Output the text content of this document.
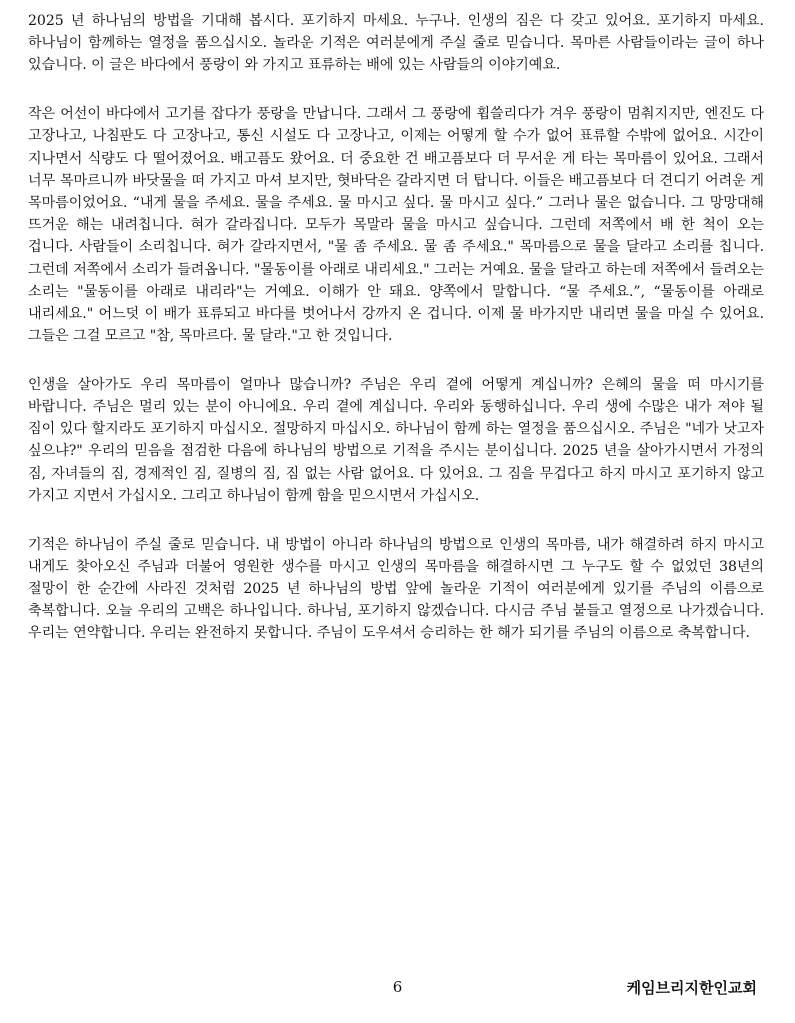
2025 년 하나님의 방법을 기대해 봅시다. 포기하지 마세요. 누구나. 인생의 짐은 다 갖고 있어요. 포기하지 마세요. 하나님이 함께하는 열정을 품으십시오. 놀라운 기적은 여러분에게 주실 줄로 믿습니다. 목마른 사람들이라는 글이 하나 있습니다. 이 글은 바다에서 풍랑이 와 가지고 표류하는 배에 있는 사람들의 이야기예요.

작은 어선이 바다에서 고기를 잡다가 풍랑을 만납니다. 그래서 그 풍랑에 휩쓸리다가 겨우 풍랑이 멈춰지지만, 엔진도 다 고장나고, 나침판도 다 고장나고, 통신 시설도 다 고장나고, 이제는 어떻게 할 수가 없어 표류할 수밖에 없어요. 시간이 지나면서 식량도 다 떨어졌어요. 배고픔도 왔어요. 더 중요한 건 배고픔보다 더 무서운 게 타는 목마름이 있어요. 그래서 너무 목마르니까 바닷물을 떠 가지고 마셔 보지만, 혓바닥은 갈라지면 더 탑니다. 이들은 배고픔보다 더 견디기 어려운 게 목마름이었어요. “내게 물을 주세요. 물을 주세요. 물 마시고 싶다. 물 마시고 싶다.” 그러나 물은 없습니다. 그 망망대해 뜨거운 해는 내려칩니다. 혀가 갈라집니다. 모두가 목말라 물을 마시고 싶습니다. 그런데 저쪽에서 배 한 척이 오는 겁니다. 사람들이 소리칩니다. 혀가 갈라지면서, "물 좀 주세요. 물 좀 주세요." 목마름으로 물을 달라고 소리를 칩니다. 그런데 저쪽에서 소리가 들려옵니다. "물동이를 아래로 내리세요." 그러는 거예요. 물을 달라고 하는데 저쪽에서 들려오는 소리는 "물동이를 아래로 내리라"는 거예요. 이해가 안 돼요. 양쪽에서 말합니다. “물 주세요.”, “물동이를 아래로 내리세요." 어느덧 이 배가 표류되고 바다를 벗어나서 강까지 온 겁니다. 이제 물 바가지만 내리면 물을 마실 수 있어요. 그들은 그걸 모르고 "참, 목마르다. 물 달라."고 한 것입니다.

인생을 살아가도 우리 목마름이 얼마나 많습니까? 주님은 우리 곁에 어떻게 계십니까? 은혜의 물을 떠 마시기를 바랍니다. 주님은 멀리 있는 분이 아니에요. 우리 곁에 계십니다. 우리와 동행하십니다. 우리 생에 수많은 내가 져야 될 짐이 있다 할지라도 포기하지 마십시오. 절망하지 마십시오. 하나님이 함께 하는 열정을 품으십시오. 주님은 "네가 낫고자 싶으냐?" 우리의 믿음을 점검한 다음에 하나님의 방법으로 기적을 주시는 분이십니다. 2025 년을 살아가시면서 가정의 짐, 자녀들의 짐, 경제적인 짐, 질병의 짐, 짐 없는 사람 없어요. 다 있어요. 그 짐을 무겁다고 하지 마시고 포기하지 않고 가지고 지면서 가십시오. 그리고 하나님이 함께 함을 믿으시면서 가십시오.

기적은 하나님이 주실 줄로 믿습니다. 내 방법이 아니라 하나님의 방법으로 인생의 목마름, 내가 해결하려 하지 마시고 내게도 찾아오신 주님과 더불어 영원한 생수를 마시고 인생의 목마름을 해결하시면 그 누구도 할 수 없었던 38년의 절망이 한 순간에 사라진 것처럼 2025 년 하나님의 방법 앞에 놀라운 기적이 여러분에게 있기를 주님의 이름으로 축복합니다. 오늘 우리의 고백은 하나입니다. 하나님, 포기하지 않겠습니다. 다시금 주님 붙들고 열정으로 나가겠습니다. 우리는 연약합니다. 우리는 완전하지 못합니다. 주님이 도우셔서 승리하는 한 해가 되기를 주님의 이름으로 축복합니다.

6	케임브리지한인교회
